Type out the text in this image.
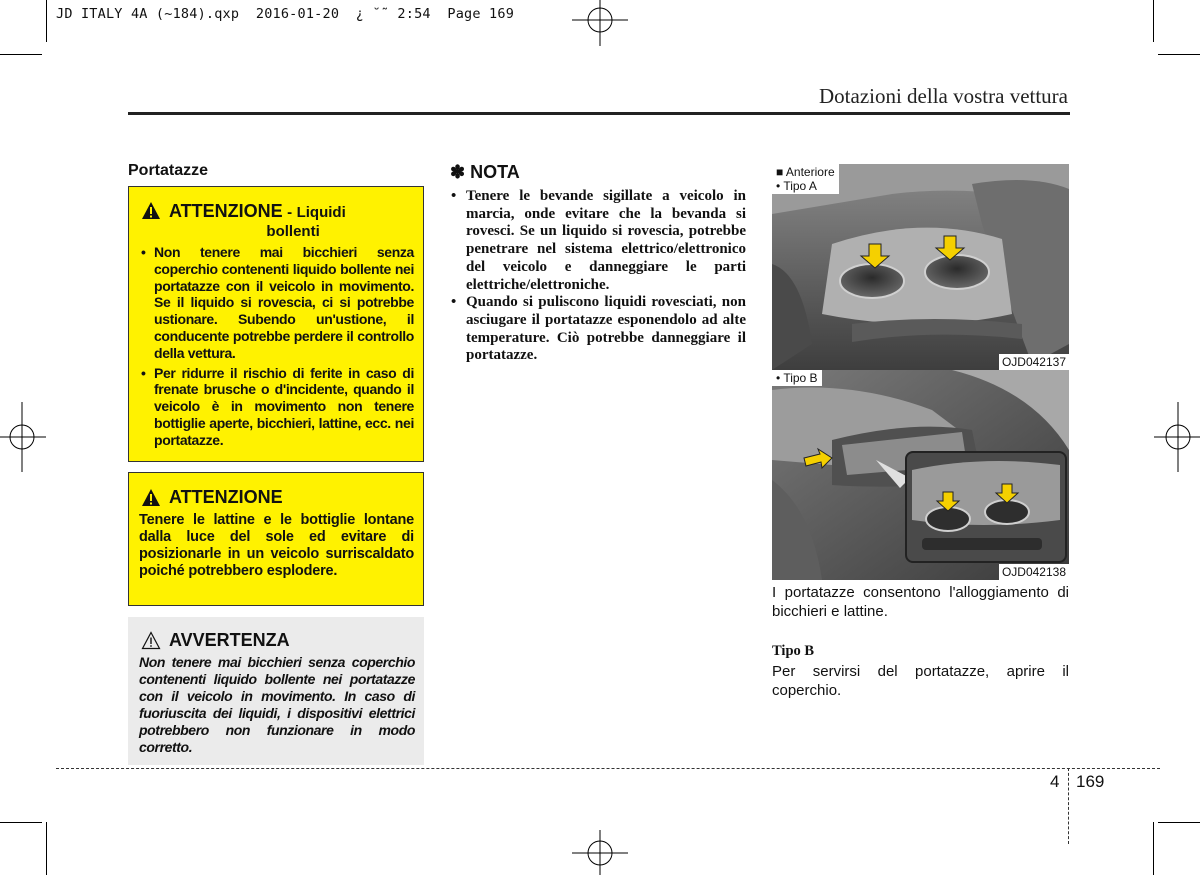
JD ITALY 4A (~184).qxp  2016-01-20  ¿ ˘˜ 2:54  Page 169
Dotazioni della vostra vettura
Portatazze
ATTENZIONE - Liquidi
bollenti
• Non tenere mai bicchieri senza coperchio contenenti liquido bollente nei portatazze con il veicolo in movimento. Se il liquido si rovescia, ci si potrebbe ustionare. Subendo un'ustione, il conducente potrebbe perdere il controllo della vettura.
• Per ridurre il rischio di ferite in caso di frenate brusche o d'incidente, quando il veicolo è in movimento non tenere bottiglie aperte, bicchieri, lattine, ecc. nei portatazze.
ATTENZIONE
Tenere le lattine e le bottiglie lontane dalla luce del sole ed evitare di posizionarle in un veicolo surriscaldato poiché potrebbero esplodere.
AVVERTENZA
Non tenere mai bicchieri senza coperchio contenenti liquido bollente nei portatazze con il veicolo in movimento. In caso di fuoriuscita dei liquidi, i dispositivi elettrici potrebbero non funzionare in modo corretto.
✽ NOTA
• Tenere le bevande sigillate a veicolo in marcia, onde evitare che la bevanda si rovesci. Se un liquido si rovescia, potrebbe penetrare nel sistema elettrico/elettronico del veicolo e danneggiare le parti elettriche/elettroniche.
• Quando si puliscono liquidi rovesciati, non asciugare il portatazze esponendolo ad alte temperature. Ciò potrebbe danneggiare il portatazze.
■ Anteriore
• Tipo A
OJD042137
• Tipo B
OJD042138
I portatazze consentono l'alloggiamento di bicchieri e lattine.
Tipo B
Per servirsi del portatazze, aprire il coperchio.
4 169
